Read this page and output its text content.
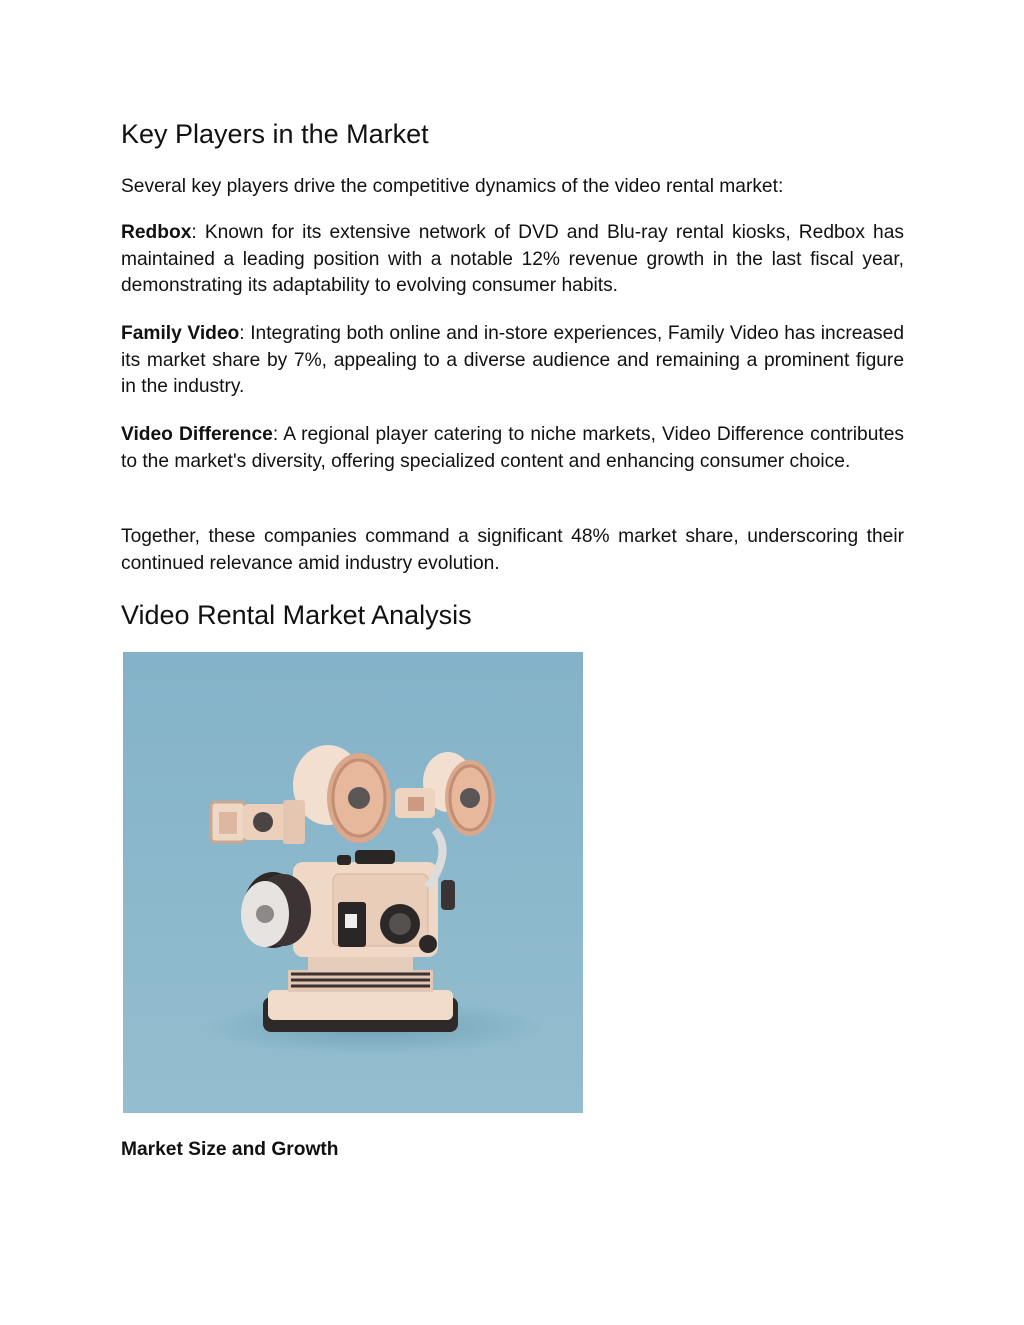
Key Players in the Market

Several key players drive the competitive dynamics of the video rental market:

Redbox: Known for its extensive network of DVD and Blu-ray rental kiosks, Redbox has maintained a leading position with a notable 12% revenue growth in the last fiscal year, demonstrating its adaptability to evolving consumer habits.

Family Video: Integrating both online and in-store experiences, Family Video has increased its market share by 7%, appealing to a diverse audience and remaining a prominent figure in the industry.

Video Difference: A regional player catering to niche markets, Video Difference contributes to the market's diversity, offering specialized content and enhancing consumer choice.

Together, these companies command a significant 48% market share, underscoring their continued relevance amid industry evolution.

Video Rental Market Analysis
Market Size and Growth
